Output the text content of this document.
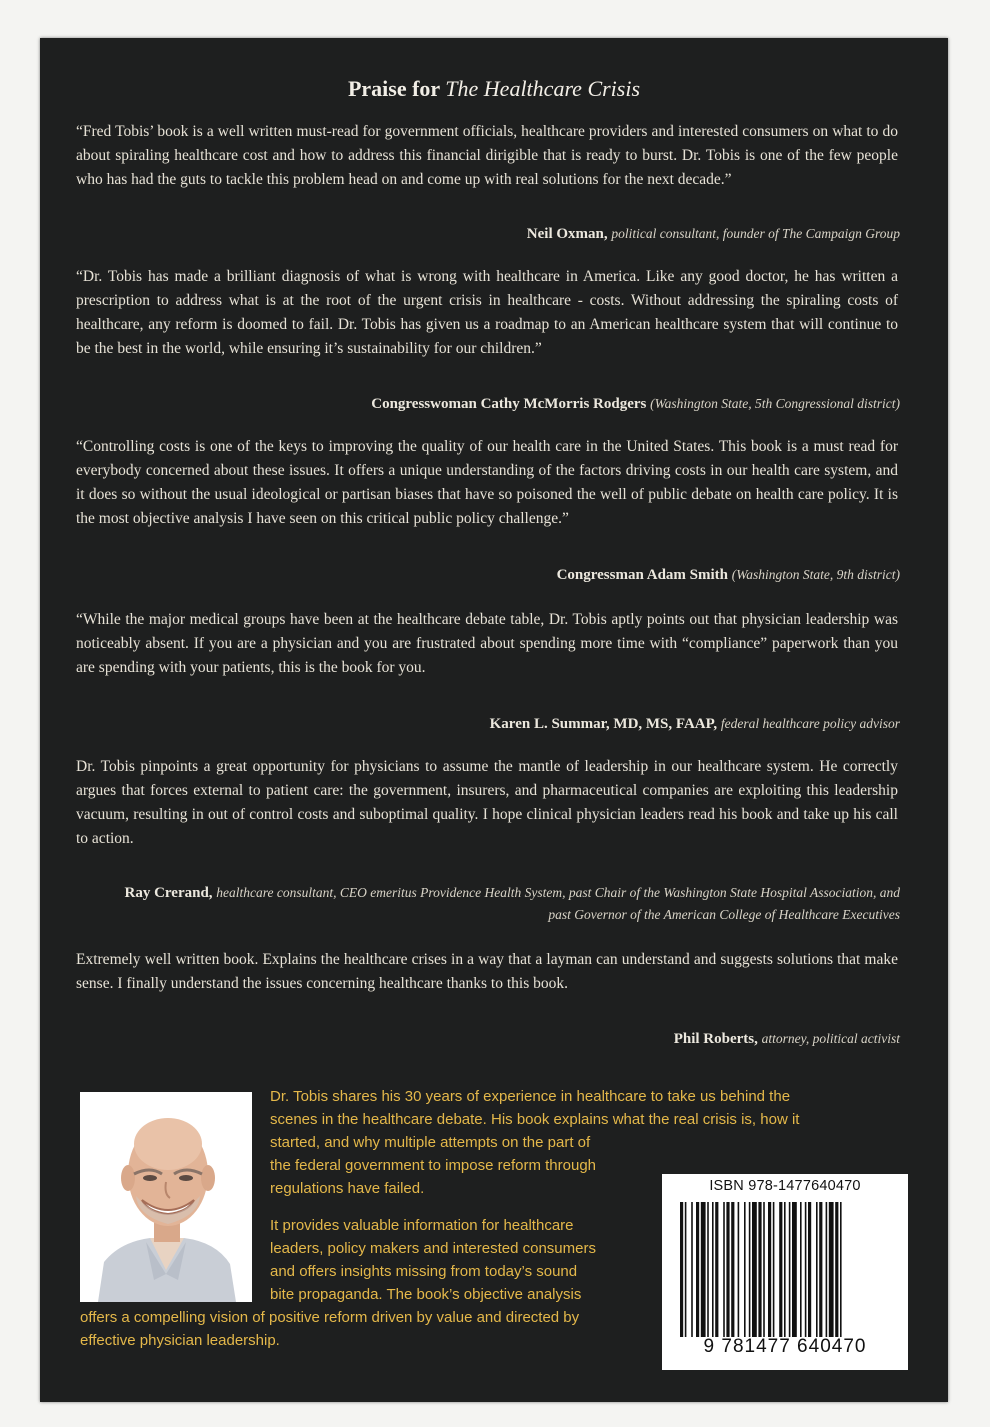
Praise for The Healthcare Crisis

“Fred Tobis’ book is a well written must-read for government officials, healthcare providers and interested consumers on what to do about spiraling healthcare cost and how to address this financial dirigible that is ready to burst. Dr. Tobis is one of the few people who has had the guts to tackle this problem head on and come up with real solutions for the next decade.”

Neil Oxman, political consultant, founder of The Campaign Group

“Dr. Tobis has made a brilliant diagnosis of what is wrong with healthcare in America. Like any good doctor, he has written a prescription to address what is at the root of the urgent crisis in healthcare - costs. Without addressing the spiraling costs of healthcare, any reform is doomed to fail. Dr. Tobis has given us a roadmap to an American healthcare system that will continue to be the best in the world, while ensuring it’s sustainability for our children.”

Congresswoman Cathy McMorris Rodgers (Washington State, 5th Congressional district)

“Controlling costs is one of the keys to improving the quality of our health care in the United States. This book is a must read for everybody concerned about these issues. It offers a unique understanding of the factors driving costs in our health care system, and it does so without the usual ideological or partisan biases that have so poisoned the well of public debate on health care policy. It is the most objective analysis I have seen on this critical public policy challenge.”

Congressman Adam Smith (Washington State, 9th district)

“While the major medical groups have been at the healthcare debate table, Dr. Tobis aptly points out that physician leadership was noticeably absent. If you are a physician and you are frustrated about spending more time with “compliance” paperwork than you are spending with your patients, this is the book for you.

Karen L. Summar, MD, MS, FAAP, federal healthcare policy advisor

Dr. Tobis pinpoints a great opportunity for physicians to assume the mantle of leadership in our healthcare system. He correctly argues that forces external to patient care: the government, insurers, and pharmaceutical companies are exploiting this leadership vacuum, resulting in out of control costs and suboptimal quality. I hope clinical physician leaders read his book and take up his call to action.

Ray Crerand, healthcare consultant, CEO emeritus Providence Health System, past Chair of the Washington State Hospital Association, and past Governor of the American College of Healthcare Executives

Extremely well written book. Explains the healthcare crises in a way that a layman can understand and suggests solutions that make sense. I finally understand the issues concerning healthcare thanks to this book.

Phil Roberts, attorney, political activist

Dr. Tobis shares his 30 years of experience in healthcare to take us behind the

scenes in the healthcare debate. His book explains what the real crisis is, how it

started, and why multiple attempts on the part of

the federal government to impose reform through

regulations have failed.

It provides valuable information for healthcare

leaders, policy makers and interested consumers

and offers insights missing from today’s sound

bite propaganda. The book’s objective analysis

offers a compelling vision of positive reform driven by value and directed by

effective physician leadership.

ISBN 978-1477640470
9 781477 640470
